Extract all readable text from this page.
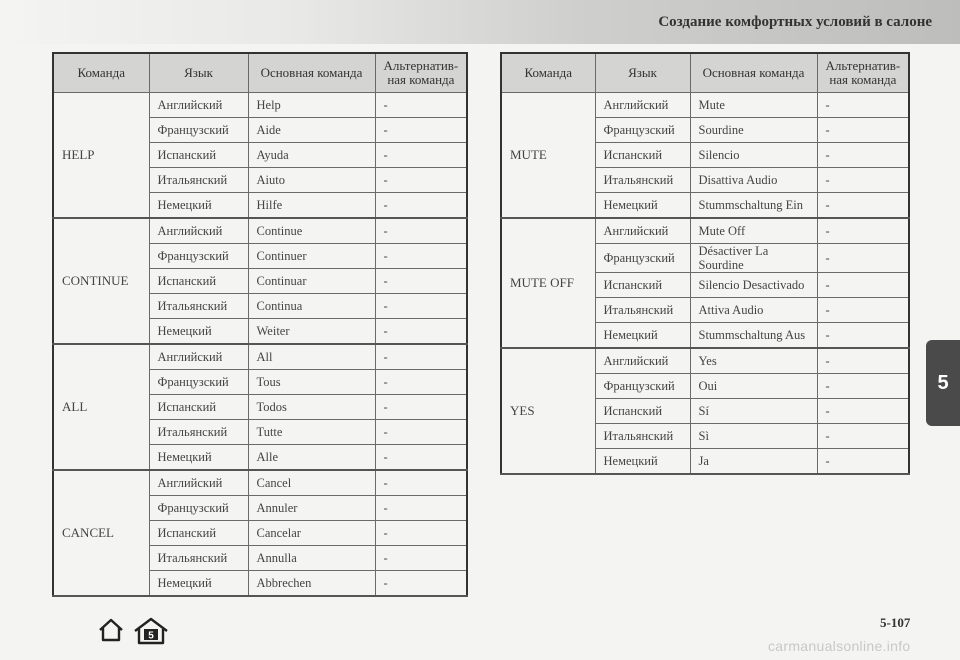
Создание комфортных условий в салоне
Команда	Язык	Основная команда	Альтернатив-ная команда
HELP	Английский	Help	-
	Французский	Aide	-
	Испанский	Ayuda	-
	Итальянский	Aiuto	-
	Немецкий	Hilfe	-
CONTINUE	Английский	Continue	-
	Французский	Continuer	-
	Испанский	Continuar	-
	Итальянский	Continua	-
	Немецкий	Weiter	-
ALL	Английский	All	-
	Французский	Tous	-
	Испанский	Todos	-
	Итальянский	Tutte	-
	Немецкий	Alle	-
CANCEL	Английский	Cancel	-
	Французский	Annuler	-
	Испанский	Cancelar	-
	Итальянский	Annulla	-
	Немецкий	Abbrechen	-
Команда	Язык	Основная команда	Альтернатив-ная команда
MUTE	Английский	Mute	-
	Французский	Sourdine	-
	Испанский	Silencio	-
	Итальянский	Disattiva Audio	-
	Немецкий	Stummschaltung Ein	-
MUTE OFF	Английский	Mute Off	-
	Французский	Désactiver La Sourdine	-
	Испанский	Silencio Desactivado	-
	Итальянский	Attiva Audio	-
	Немецкий	Stummschaltung Aus	-
YES	Английский	Yes	-
	Французский	Oui	-
	Испанский	Sí	-
	Итальянский	Sì	-
	Немецкий	Ja	-
5
5
5-107
carmanualsonline.info
